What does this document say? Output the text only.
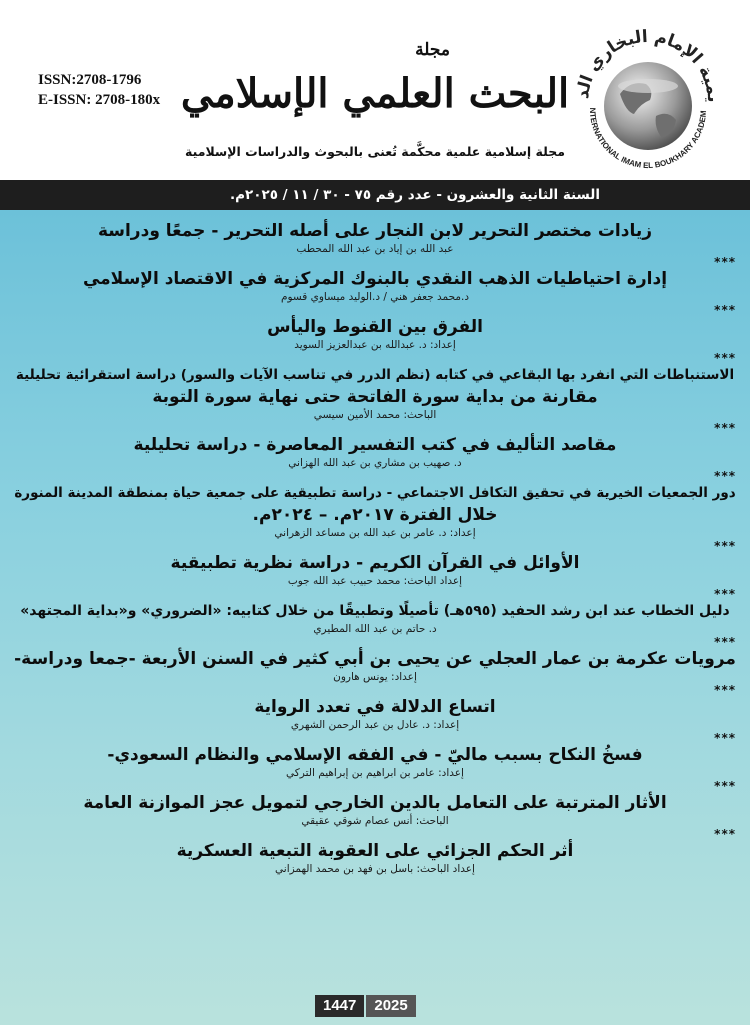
يمية الإمام البخاري الد
NTERNATIONAL IMAM EL BOUKHARY ACADEM
مجلة
البحث العلمي الإسلامي
مجلة إسلامية علمية محكَّمة تُعنى بالبحوث والدراسات الإسلامية
ISSN:2708-1796
E-ISSN: 2708-180x
السنة الثانية والعشرون - عدد رقم ٧٥ - ٣٠ / ١١ / ٢٠٢٥م.
زيادات مختصر التحرير لابن النجار على أصله التحرير - جمعًا ودراسة
عبد الله بن إياد بن عبد الله المحطب
***
إدارة احتياطيات الذهب النقدي بالبنوك المركزية في الاقتصاد الإسلامي
د.محمد جعفر هني / د.الوليد ميساوي قسوم
***
الفرق بين القنوط واليأس
إعداد: د. عبدالله بن عبدالعزيز السويد
***
الاستنباطات التي انفرد بها البقاعي في كتابه (نظم الدرر في تناسب الآيات والسور) دراسة استقرائية تحليلية
مقارنة من بداية سورة الفاتحة حتى نهاية سورة التوبة
الباحث: محمد الأمين سيسي
***
مقاصد التأليف في كتب التفسير المعاصرة - دراسة تحليلية
د. صهيب بن مشاري بن عبد الله الهزاني
***
دور الجمعيات الخيرية في تحقيق التكافل الاجتماعي - دراسة تطبيقية على جمعية حياة بمنطقة المدينة المنورة
خلال الفترة ٢٠١٧م. – ٢٠٢٤م.
إعداد: د. عامر بن عبد الله بن مساعد الزهراني
***
الأوائل في القرآن الكريم - دراسة نظرية تطبيقية
إعداد الباحث: محمد حبيب عبد الله جوب
***
دليل الخطاب عند ابن رشد الحفيد (٥٩٥هـ) تأصيلًا وتطبيقًا من خلال كتابيه: «الضروري» و«بداية المجتهد»
د. حاتم بن عبد الله المطيري
***
مرويات عكرمة بن عمار العجلي عن يحيى بن أبي كثير في السنن الأربعة -جمعا ودراسة-
إعداد: يونس هارون
***
اتساع الدلالة في تعدد الرواية
إعداد: د. عادل بن عبد الرحمن الشهري
***
فسخُ النكاح بسبب ماليّ - في الفقه الإسلامي والنظام السعودي-
إعداد: عامر بن ابراهيم بن إبراهيم التركي
***
الأثار المترتبة على التعامل بالدين الخارجي لتمويل عجز الموازنة العامة
الباحث: أنس عصام شوقي عقيقي
***
أثر الحكم الجزائي على العقوبة التبعية العسكرية
إعداد الباحث: باسل بن فهد بن محمد الهمزاني
1447	2025
